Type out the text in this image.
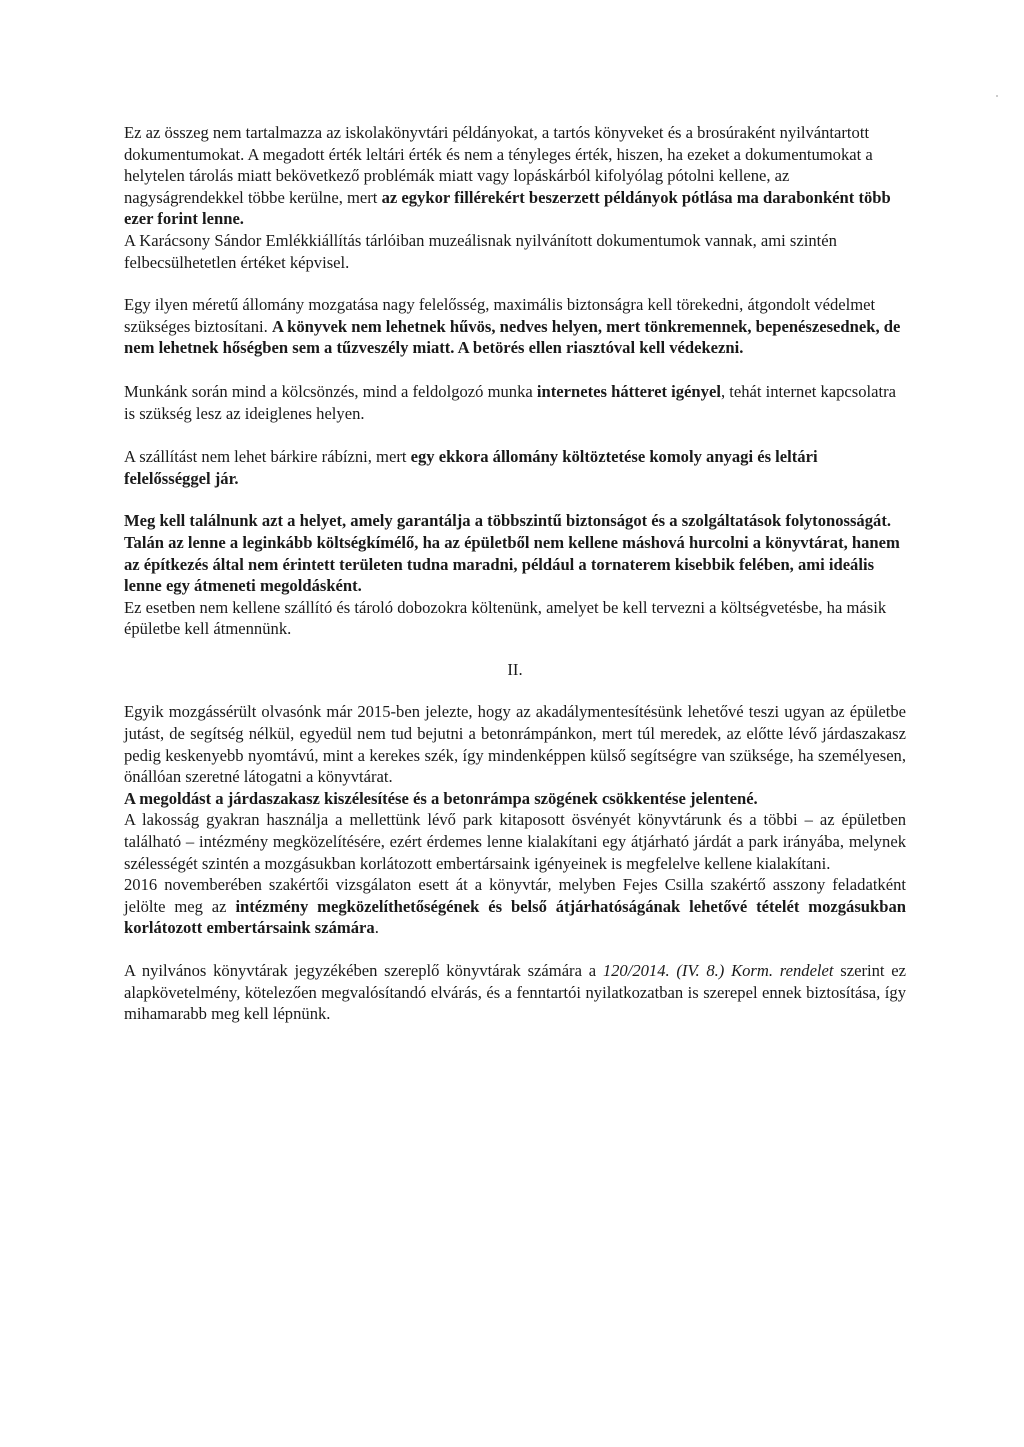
Ez az összeg nem tartalmazza az iskolakönyvtári példányokat, a tartós könyveket és a brosúraként nyilvántartott dokumentumokat. A megadott érték leltári érték és nem a tényleges érték, hiszen, ha ezeket a dokumentumokat a helytelen tárolás miatt bekövetkező problémák miatt vagy lopáskárból kifolyólag pótolni kellene, az nagyságrendekkel többe kerülne, mert az egykor fillérekért beszerzett példányok pótlása ma darabonként több ezer forint lenne.

A Karácsony Sándor Emlékkiállítás tárlóiban muzeálisnak nyilvánított dokumentumok vannak, ami szintén felbecsülhetetlen értéket képvisel.

Egy ilyen méretű állomány mozgatása nagy felelősség, maximális biztonságra kell törekedni, átgondolt védelmet szükséges biztosítani. A könyvek nem lehetnek hűvös, nedves helyen, mert tönkremennek, bepenészesednek, de nem lehetnek hőségben sem a tűzveszély miatt. A betörés ellen riasztóval kell védekezni.

Munkánk során mind a kölcsönzés, mind a feldolgozó munka internetes hátteret igényel, tehát internet kapcsolatra is szükség lesz az ideiglenes helyen.

A szállítást nem lehet bárkire rábízni, mert egy ekkora állomány költöztetése komoly anyagi és leltári felelősséggel jár.

Meg kell találnunk azt a helyet, amely garantálja a többszintű biztonságot és a szolgáltatások folytonosságát.

Talán az lenne a leginkább költségkímélő, ha az épületből nem kellene máshová hurcolni a könyvtárat, hanem az építkezés által nem érintett területen tudna maradni, például a tornaterem kisebbik felében, ami ideális lenne egy átmeneti megoldásként.

Ez esetben nem kellene szállító és tároló dobozokra költenünk, amelyet be kell tervezni a költségvetésbe, ha másik épületbe kell átmennünk.

II.

Egyik mozgássérült olvasónk már 2015-ben jelezte, hogy az akadálymentesítésünk lehetővé teszi ugyan az épületbe jutást, de segítség nélkül, egyedül nem tud bejutni a betonrámpánkon, mert túl meredek, az előtte lévő járdaszakasz pedig keskenyebb nyomtávú, mint a kerekes szék, így mindenképpen külső segítségre van szüksége, ha személyesen, önállóan szeretné látogatni a könyvtárat.

A megoldást a járdaszakasz kiszélesítése és a betonrámpa szögének csökkentése jelentené.

A lakosság gyakran használja a mellettünk lévő park kitaposott ösvényét könyvtárunk és a többi – az épületben található – intézmény megközelítésére, ezért érdemes lenne kialakítani egy átjárható járdát a park irányába, melynek szélességét szintén a mozgásukban korlátozott embertársaink igényeinek is megfelelve kellene kialakítani.

2016 novemberében szakértői vizsgálaton esett át a könyvtár, melyben Fejes Csilla szakértő asszony feladatként jelölte meg az intézmény megközelíthetőségének és belső átjárhatóságának lehetővé tételét mozgásukban korlátozott embertársaink számára.

A nyilvános könyvtárak jegyzékében szereplő könyvtárak számára a 120/2014. (IV. 8.) Korm. rendelet szerint ez alapkövetelmény, kötelezően megvalósítandó elvárás, és a fenntartói nyilatkozatban is szerepel ennek biztosítása, így mihamarabb meg kell lépnünk.
